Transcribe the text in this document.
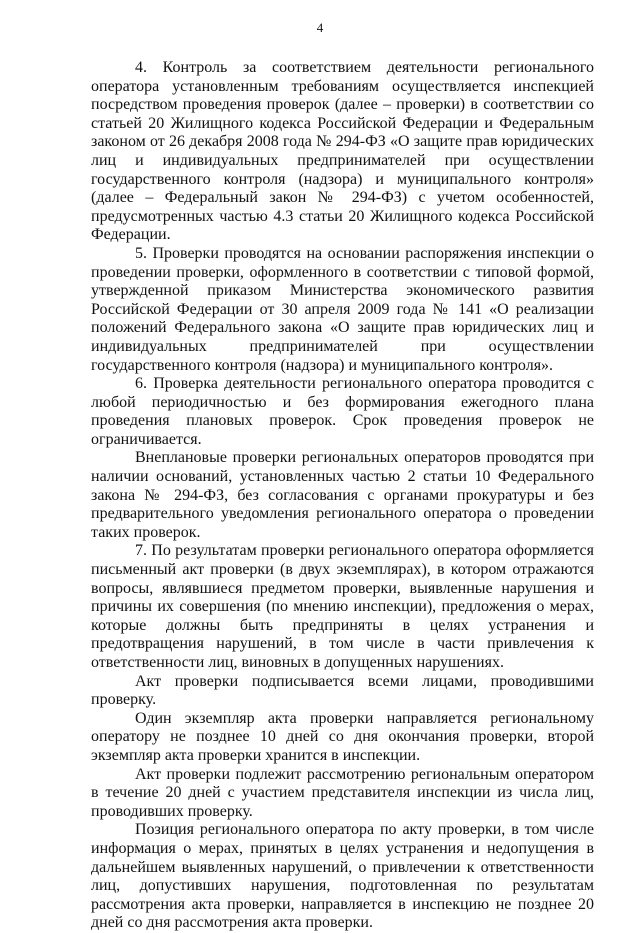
4

4. Контроль за соответствием деятельности регионального оператора установленным требованиям осуществляется инспекцией посредством проведения проверок (далее – проверки) в соответствии со статьей 20 Жилищного кодекса Российской Федерации и Федеральным законом от 26 декабря 2008 года № 294-ФЗ «О защите прав юридических лиц и индивидуальных предпринимателей при осуществлении государственного контроля (надзора) и муниципального контроля» (далее – Федеральный закон № 294-ФЗ) с учетом особенностей, предусмотренных частью 4.3 статьи 20 Жилищного кодекса Российской Федерации.

5. Проверки проводятся на основании распоряжения инспекции о проведении проверки, оформленного в соответствии с типовой формой, утвержденной приказом Министерства экономического развития Российской Федерации от 30 апреля 2009 года № 141 «О реализации положений Федерального закона «О защите прав юридических лиц и индивидуальных предпринимателей при осуществлении государственного контроля (надзора) и муниципального контроля».

6. Проверка деятельности регионального оператора проводится с любой периодичностью и без формирования ежегодного плана проведения плановых проверок. Срок проведения проверок не ограничивается.

Внеплановые проверки региональных операторов проводятся при наличии оснований, установленных частью 2 статьи 10 Федерального закона № 294-ФЗ, без согласования с органами прокуратуры и без предварительного уведомления регионального оператора о проведении таких проверок.

7. По результатам проверки регионального оператора оформляется письменный акт проверки (в двух экземплярах), в котором отражаются вопросы, являвшиеся предметом проверки, выявленные нарушения и причины их совершения (по мнению инспекции), предложения о мерах, которые должны быть предприняты в целях устранения и предотвращения нарушений, в том числе в части привлечения к ответственности лиц, виновных в допущенных нарушениях.

Акт проверки подписывается всеми лицами, проводившими проверку.

Один экземпляр акта проверки направляется региональному оператору не позднее 10 дней со дня окончания проверки, второй экземпляр акта проверки хранится в инспекции.

Акт проверки подлежит рассмотрению региональным оператором в течение 20 дней с участием представителя инспекции из числа лиц, проводивших проверку.

Позиция регионального оператора по акту проверки, в том числе информация о мерах, принятых в целях устранения и недопущения в дальнейшем выявленных нарушений, о привлечении к ответственности лиц, допустивших нарушения, подготовленная по результатам рассмотрения акта проверки, направляется в инспекцию не позднее 20 дней со дня рассмотрения акта проверки.
